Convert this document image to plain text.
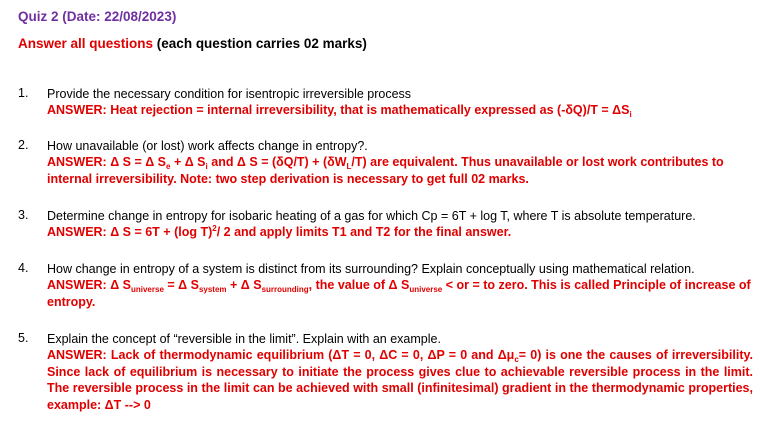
Quiz 2 (Date: 22/08/2023)
Answer all questions (each question carries 02 marks)
1. Provide the necessary condition for isentropic irreversible process
ANSWER: Heat rejection = internal irreversibility, that is mathematically expressed as $(-\delta Q)/T = \Delta S_i$
2. How unavailable (or lost) work affects change in entropy?.
ANSWER: Δ S = Δ $S_e + \Delta$ $S_i$ and Δ $S = (\delta Q/T) + (\delta W_L/T)$ are equivalent. Thus unavailable or lost work contributes to internal irreversibility. Note: two step derivation is necessary to get full 02 marks.
3. Determine change in entropy for isobaric heating of a gas for which Cp = 6T + log T, where T is absolute temperature.
ANSWER: Δ S = 6T + (log T)$^2$/ 2 and apply limits T1 and T2 for the final answer.
4. How change in entropy of a system is distinct from its surrounding? Explain conceptually using mathematical relation.
ANSWER: Δ $S_{universe} = \Delta$ $S_{system} + \Delta$ $S_{surrounding}$, the value of Δ $S_{universe}$ < or = to zero. This is called Principle of increase of entropy.
5. Explain the concept of “reversible in the limit”. Explain with an example.
ANSWER: Lack of thermodynamic equilibrium (ΔT = 0, ΔC = 0, ΔP = 0 and $\Delta\mu_c= 0$) is one the causes of irreversibility. Since lack of equilibrium is necessary to initiate the process gives clue to achievable reversible process in the limit. The reversible process in the limit can be achieved with small (infinitesimal) gradient in the thermodynamic properties, example: ΔT --> 0
